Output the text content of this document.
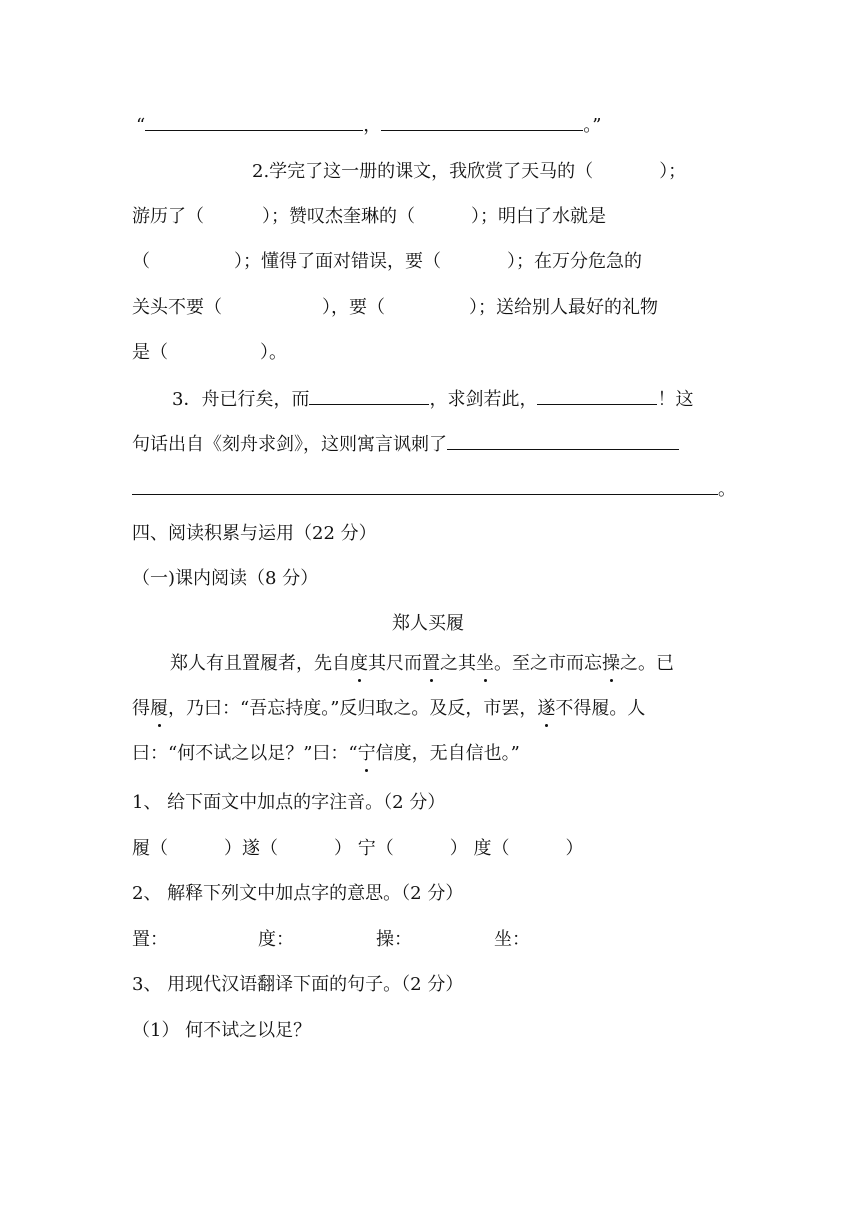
“	，	。”
2.学完了这一册的课文，我欣赏了天马的（	）；
游历了（	）；赞叹杰奎琳的（	）；明白了水就是
（	）；懂得了面对错误，要（	）；在万分危急的
关头不要（	），要（	）；送给别人最好的礼物
是（	）。
3．舟已行矣，而	，求剑若此，	！这
句话出自《刻舟求剑》，这则寓言讽刺了
。
四、阅读积累与运用（22 分）
（一)课内阅读（8 分）
郑人买履
郑人有且置履者，先自度其尺而置之其坐。至之市而忘操之。已
得履，乃曰：“吾忘持度。”反归取之。及反，市罢，遂不得履。人
曰：“何不试之以足？”曰：“宁信度，无自信也。”
1、 给下面文中加点的字注音。（2 分）
履（	）遂（	） 宁（	） 度（	）
2、 解释下列文中加点字的意思。（2 分）
置：	度：	操：	坐：
3、 用现代汉语翻译下面的句子。（2 分）
（1） 何不试之以足？
